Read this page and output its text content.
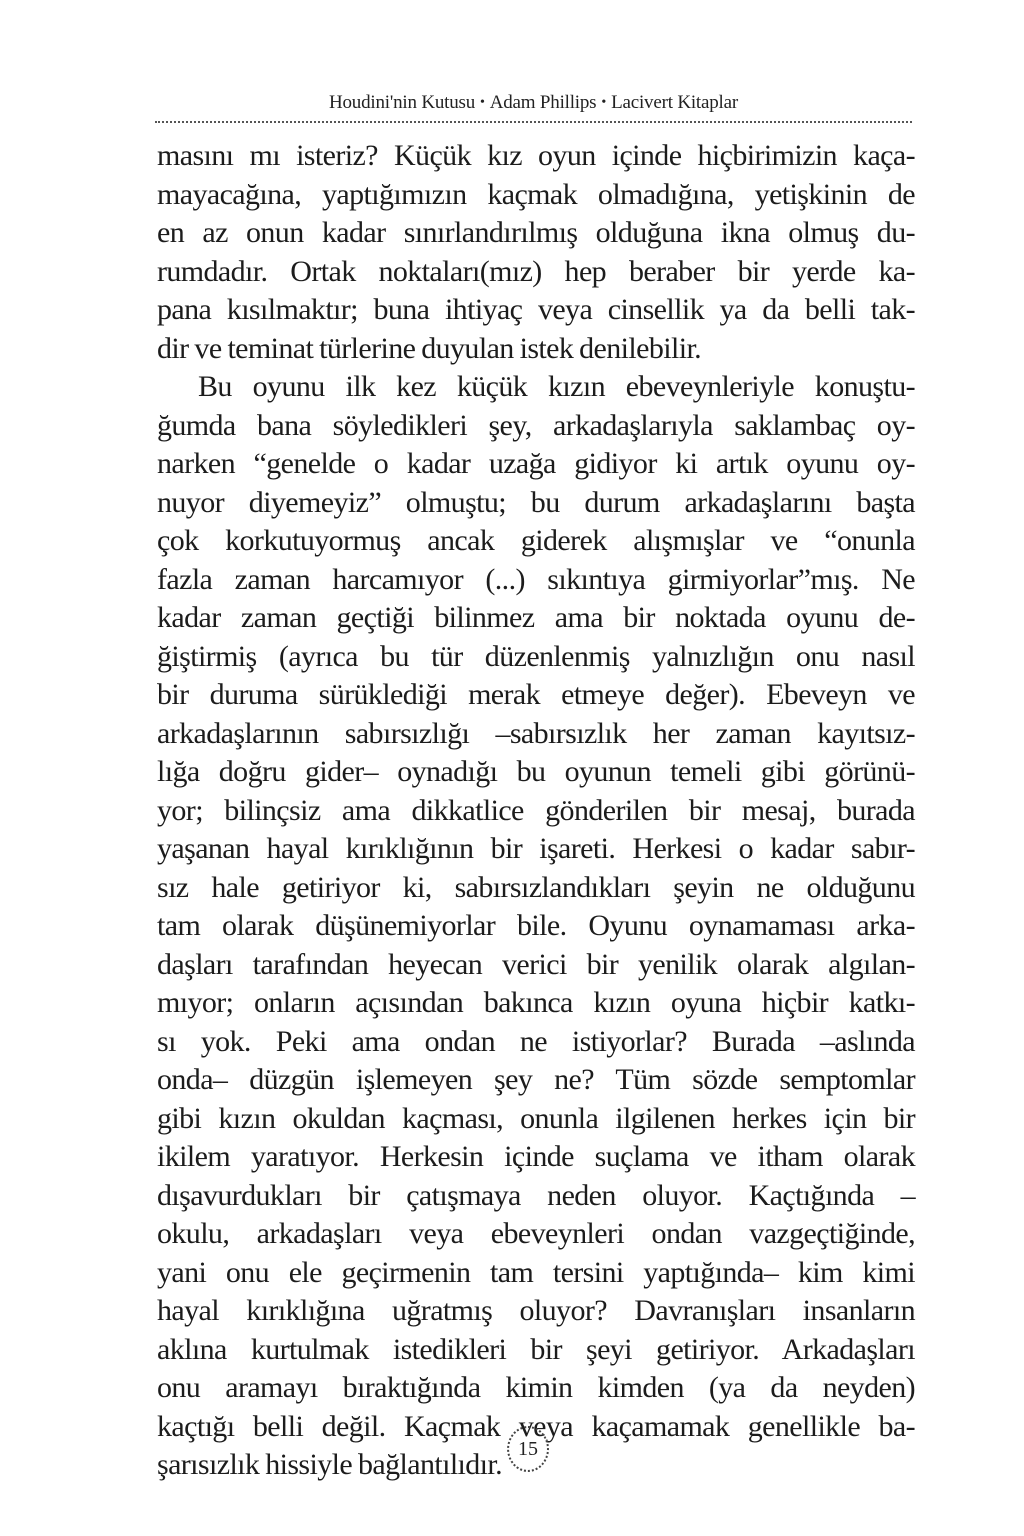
Houdini'nin Kutusu • Adam Phillips • Lacivert Kitaplar
masını mı isteriz? Küçük kız oyun içinde hiçbirimizin kaça-
mayacağına, yaptığımızın kaçmak olmadığına, yetişkinin de
en az onun kadar sınırlandırılmış olduğuna ikna olmuş du-
rumdadır. Ortak noktaları(mız) hep beraber bir yerde ka-
pana kısılmaktır; buna ihtiyaç veya cinsellik ya da belli tak-
dir ve teminat türlerine duyulan istek denilebilir.
Bu oyunu ilk kez küçük kızın ebeveynleriyle konuştu-
ğumda bana söyledikleri şey, arkadaşlarıyla saklambaç oy-
narken “genelde o kadar uzağa gidiyor ki artık oyunu oy-
nuyor diyemeyiz” olmuştu; bu durum arkadaşlarını başta
çok korkutuyormuş ancak giderek alışmışlar ve “onunla
fazla zaman harcamıyor (...) sıkıntıya girmiyorlar”mış. Ne
kadar zaman geçtiği bilinmez ama bir noktada oyunu de-
ğiştirmiş (ayrıca bu tür düzenlenmiş yalnızlığın onu nasıl
bir duruma sürüklediği merak etmeye değer). Ebeveyn ve
arkadaşlarının sabırsızlığı –sabırsızlık her zaman kayıtsız-
lığa doğru gider– oynadığı bu oyunun temeli gibi görünü-
yor; bilinçsiz ama dikkatlice gönderilen bir mesaj, burada
yaşanan hayal kırıklığının bir işareti. Herkesi o kadar sabır-
sız hale getiriyor ki, sabırsızlandıkları şeyin ne olduğunu
tam olarak düşünemiyorlar bile. Oyunu oynamaması arka-
daşları tarafından heyecan verici bir yenilik olarak algılan-
mıyor; onların açısından bakınca kızın oyuna hiçbir katkı-
sı yok. Peki ama ondan ne istiyorlar? Burada –aslında
onda– düzgün işlemeyen şey ne? Tüm sözde semptomlar
gibi kızın okuldan kaçması, onunla ilgilenen herkes için bir
ikilem yaratıyor. Herkesin içinde suçlama ve itham olarak
dışavurdukları bir çatışmaya neden oluyor. Kaçtığında –
okulu, arkadaşları veya ebeveynleri ondan vazgeçtiğinde,
yani onu ele geçirmenin tam tersini yaptığında– kim kimi
hayal kırıklığına uğratmış oluyor? Davranışları insanların
aklına kurtulmak istedikleri bir şeyi getiriyor. Arkadaşları
onu aramayı bıraktığında kimin kimden (ya da neyden)
kaçtığı belli değil. Kaçmak veya kaçamamak genellikle ba-
şarısızlık hissiyle bağlantılıdır. 15
